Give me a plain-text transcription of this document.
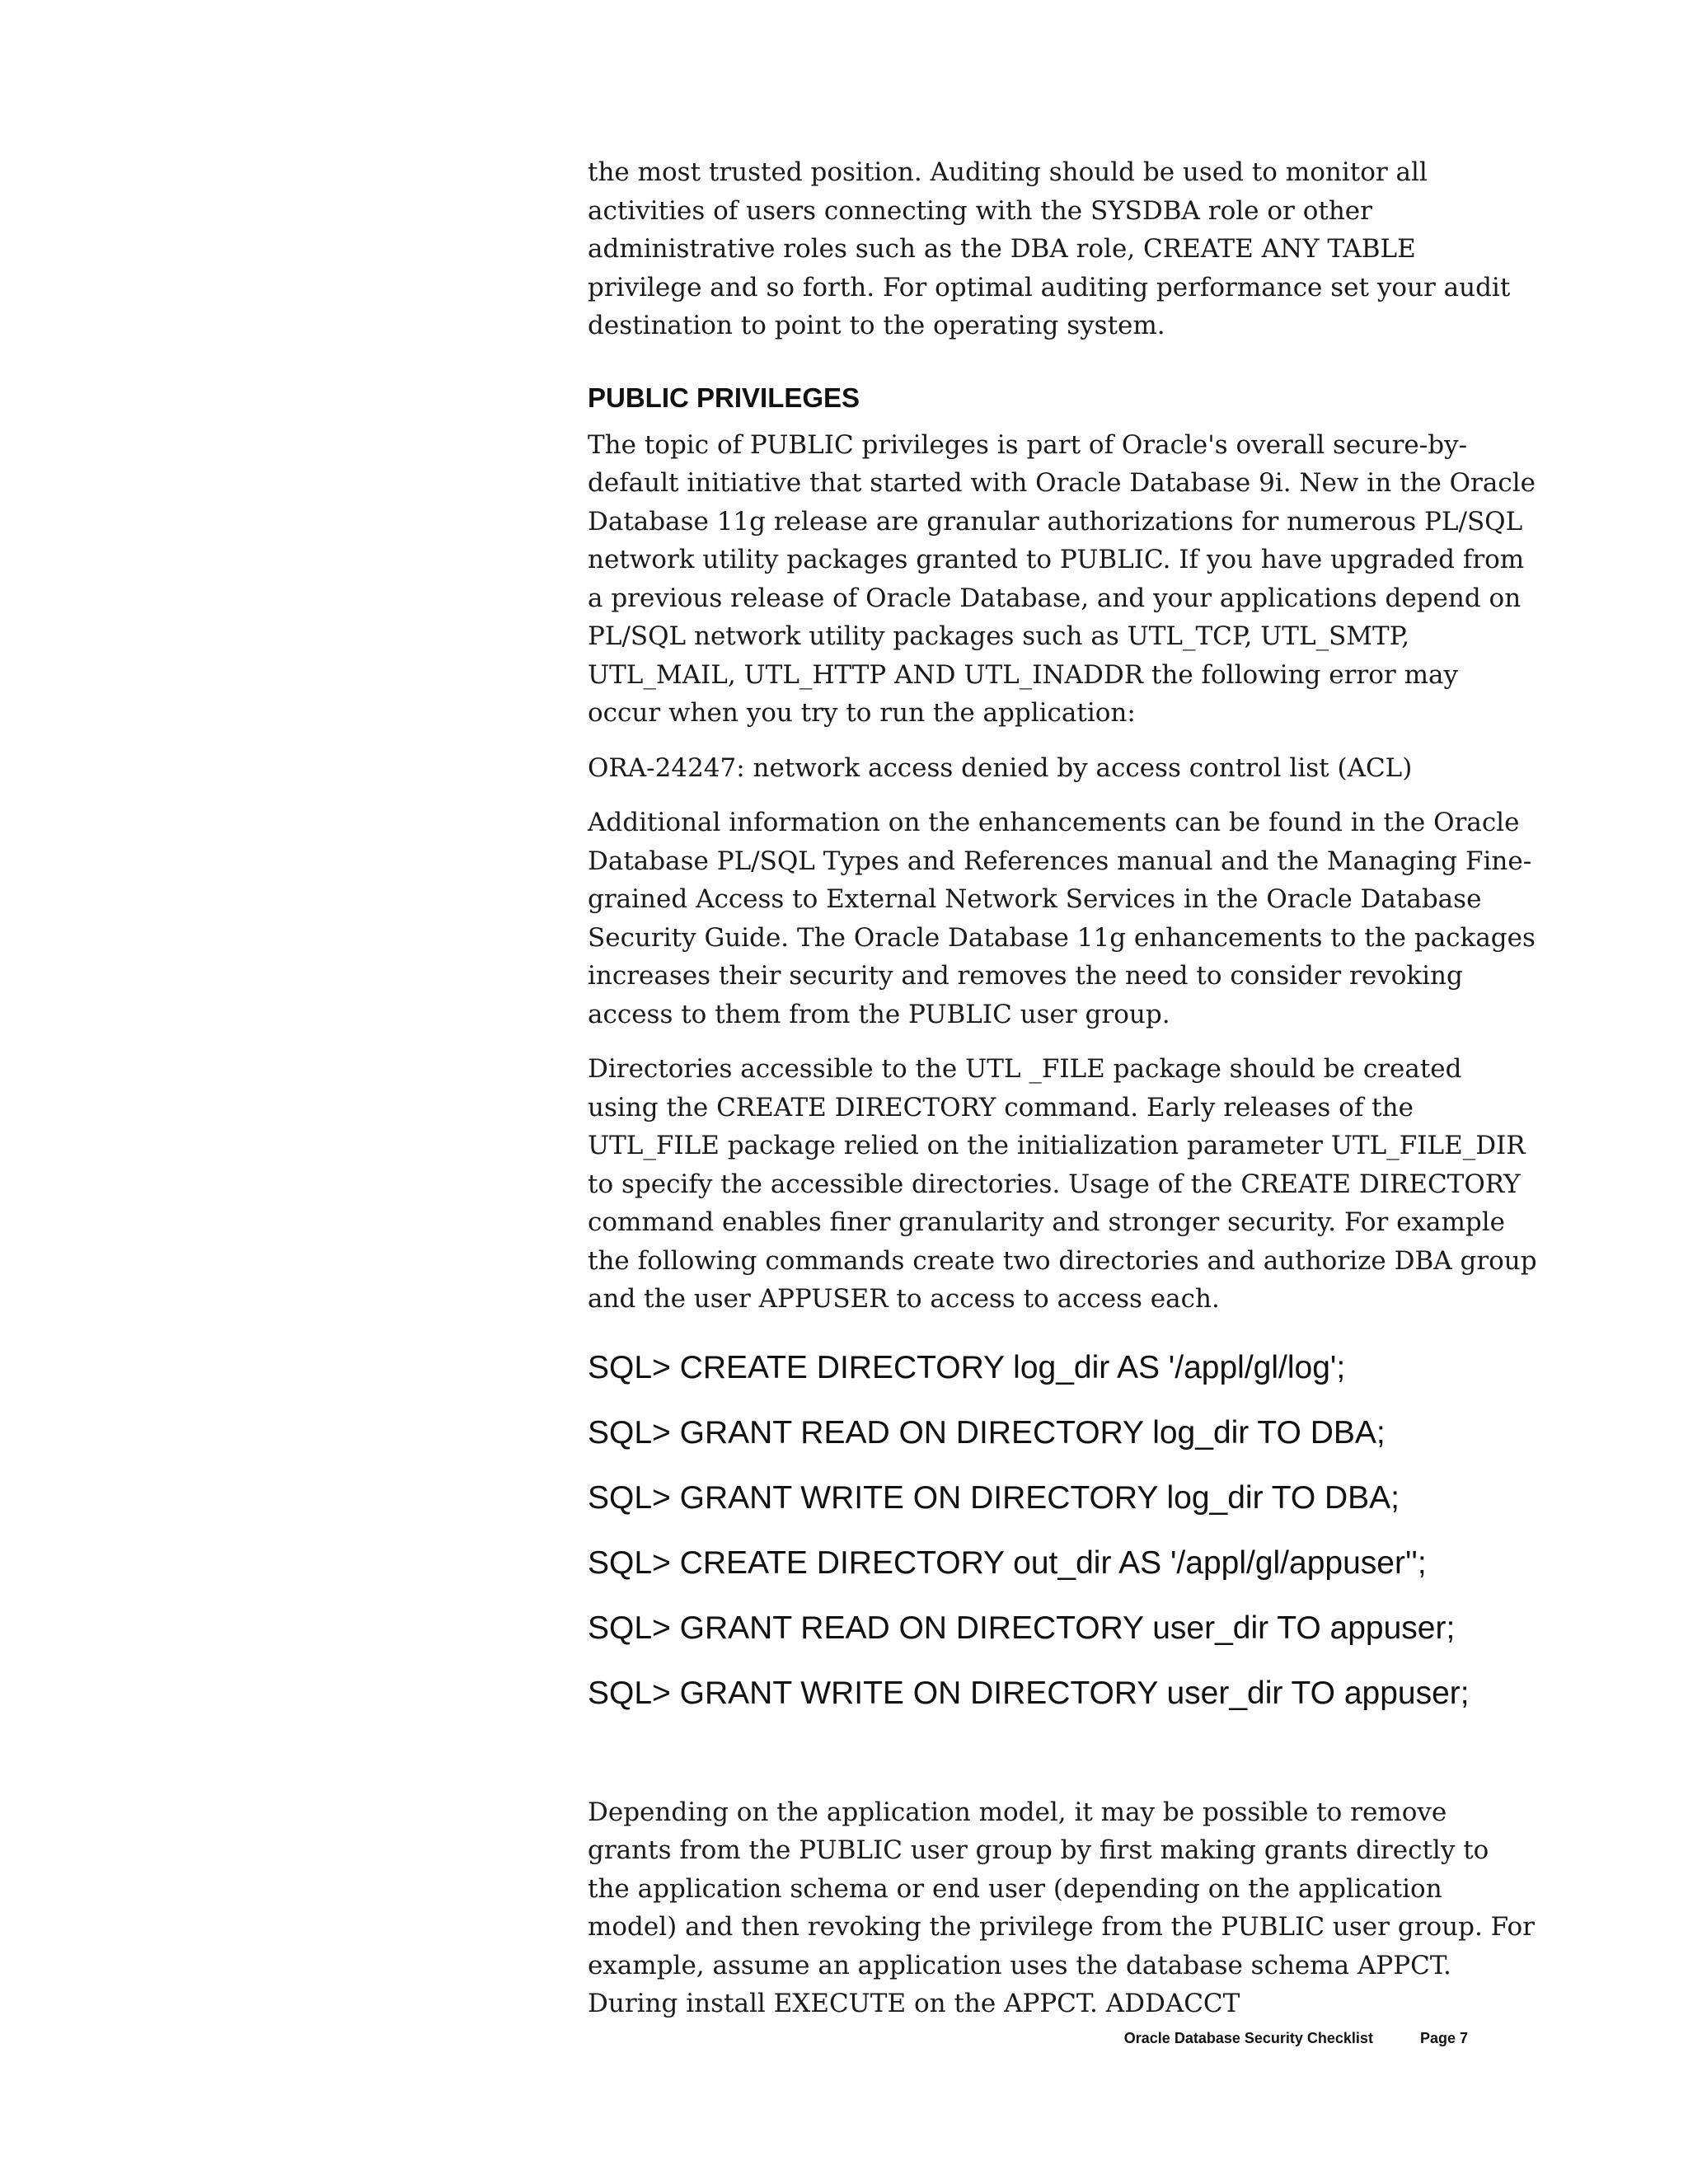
the most trusted position. Auditing should be used to monitor all activities of users connecting with the SYSDBA role or other administrative roles such as the DBA role, CREATE ANY TABLE privilege and so forth. For optimal auditing performance set your audit destination to point to the operating system.

PUBLIC PRIVILEGES

The topic of PUBLIC privileges is part of Oracle's overall secure-by-default initiative that started with Oracle Database 9i. New in the Oracle Database 11g release are granular authorizations for numerous PL/SQL network utility packages granted to PUBLIC. If you have upgraded from a previous release of Oracle Database, and your applications depend on PL/SQL network utility packages such as UTL_TCP, UTL_SMTP, UTL_MAIL, UTL_HTTP AND UTL_INADDR the following error may occur when you try to run the application:

ORA-24247: network access denied by access control list (ACL)

Additional information on the enhancements can be found in the Oracle Database PL/SQL Types and References manual and the Managing Fine-grained Access to External Network Services in the Oracle Database Security Guide. The Oracle Database 11g enhancements to the packages increases their security and removes the need to consider revoking access to them from the PUBLIC user group.

Directories accessible to the UTL _FILE package should be created using the CREATE DIRECTORY command. Early releases of the UTL_FILE package relied on the initialization parameter UTL_FILE_DIR to specify the accessible directories. Usage of the CREATE DIRECTORY command enables finer granularity and stronger security. For example the following commands create two directories and authorize DBA group and the user APPUSER to access to access each.

SQL> CREATE DIRECTORY log_dir AS '/appl/gl/log';

SQL> GRANT READ ON DIRECTORY log_dir TO DBA;

SQL> GRANT WRITE ON DIRECTORY log_dir TO DBA;

SQL> CREATE DIRECTORY out_dir AS '/appl/gl/appuser'';

SQL> GRANT READ ON DIRECTORY user_dir TO appuser;

SQL> GRANT WRITE ON DIRECTORY user_dir TO appuser;

Depending on the application model, it may be possible to remove grants from the PUBLIC user group by first making grants directly to the application schema or end user (depending on the application model) and then revoking the privilege from the PUBLIC user group. For example, assume an application uses the database schema APPCT. During install EXECUTE on the APPCT. ADDACCT

Oracle Database Security Checklist	Page 7
